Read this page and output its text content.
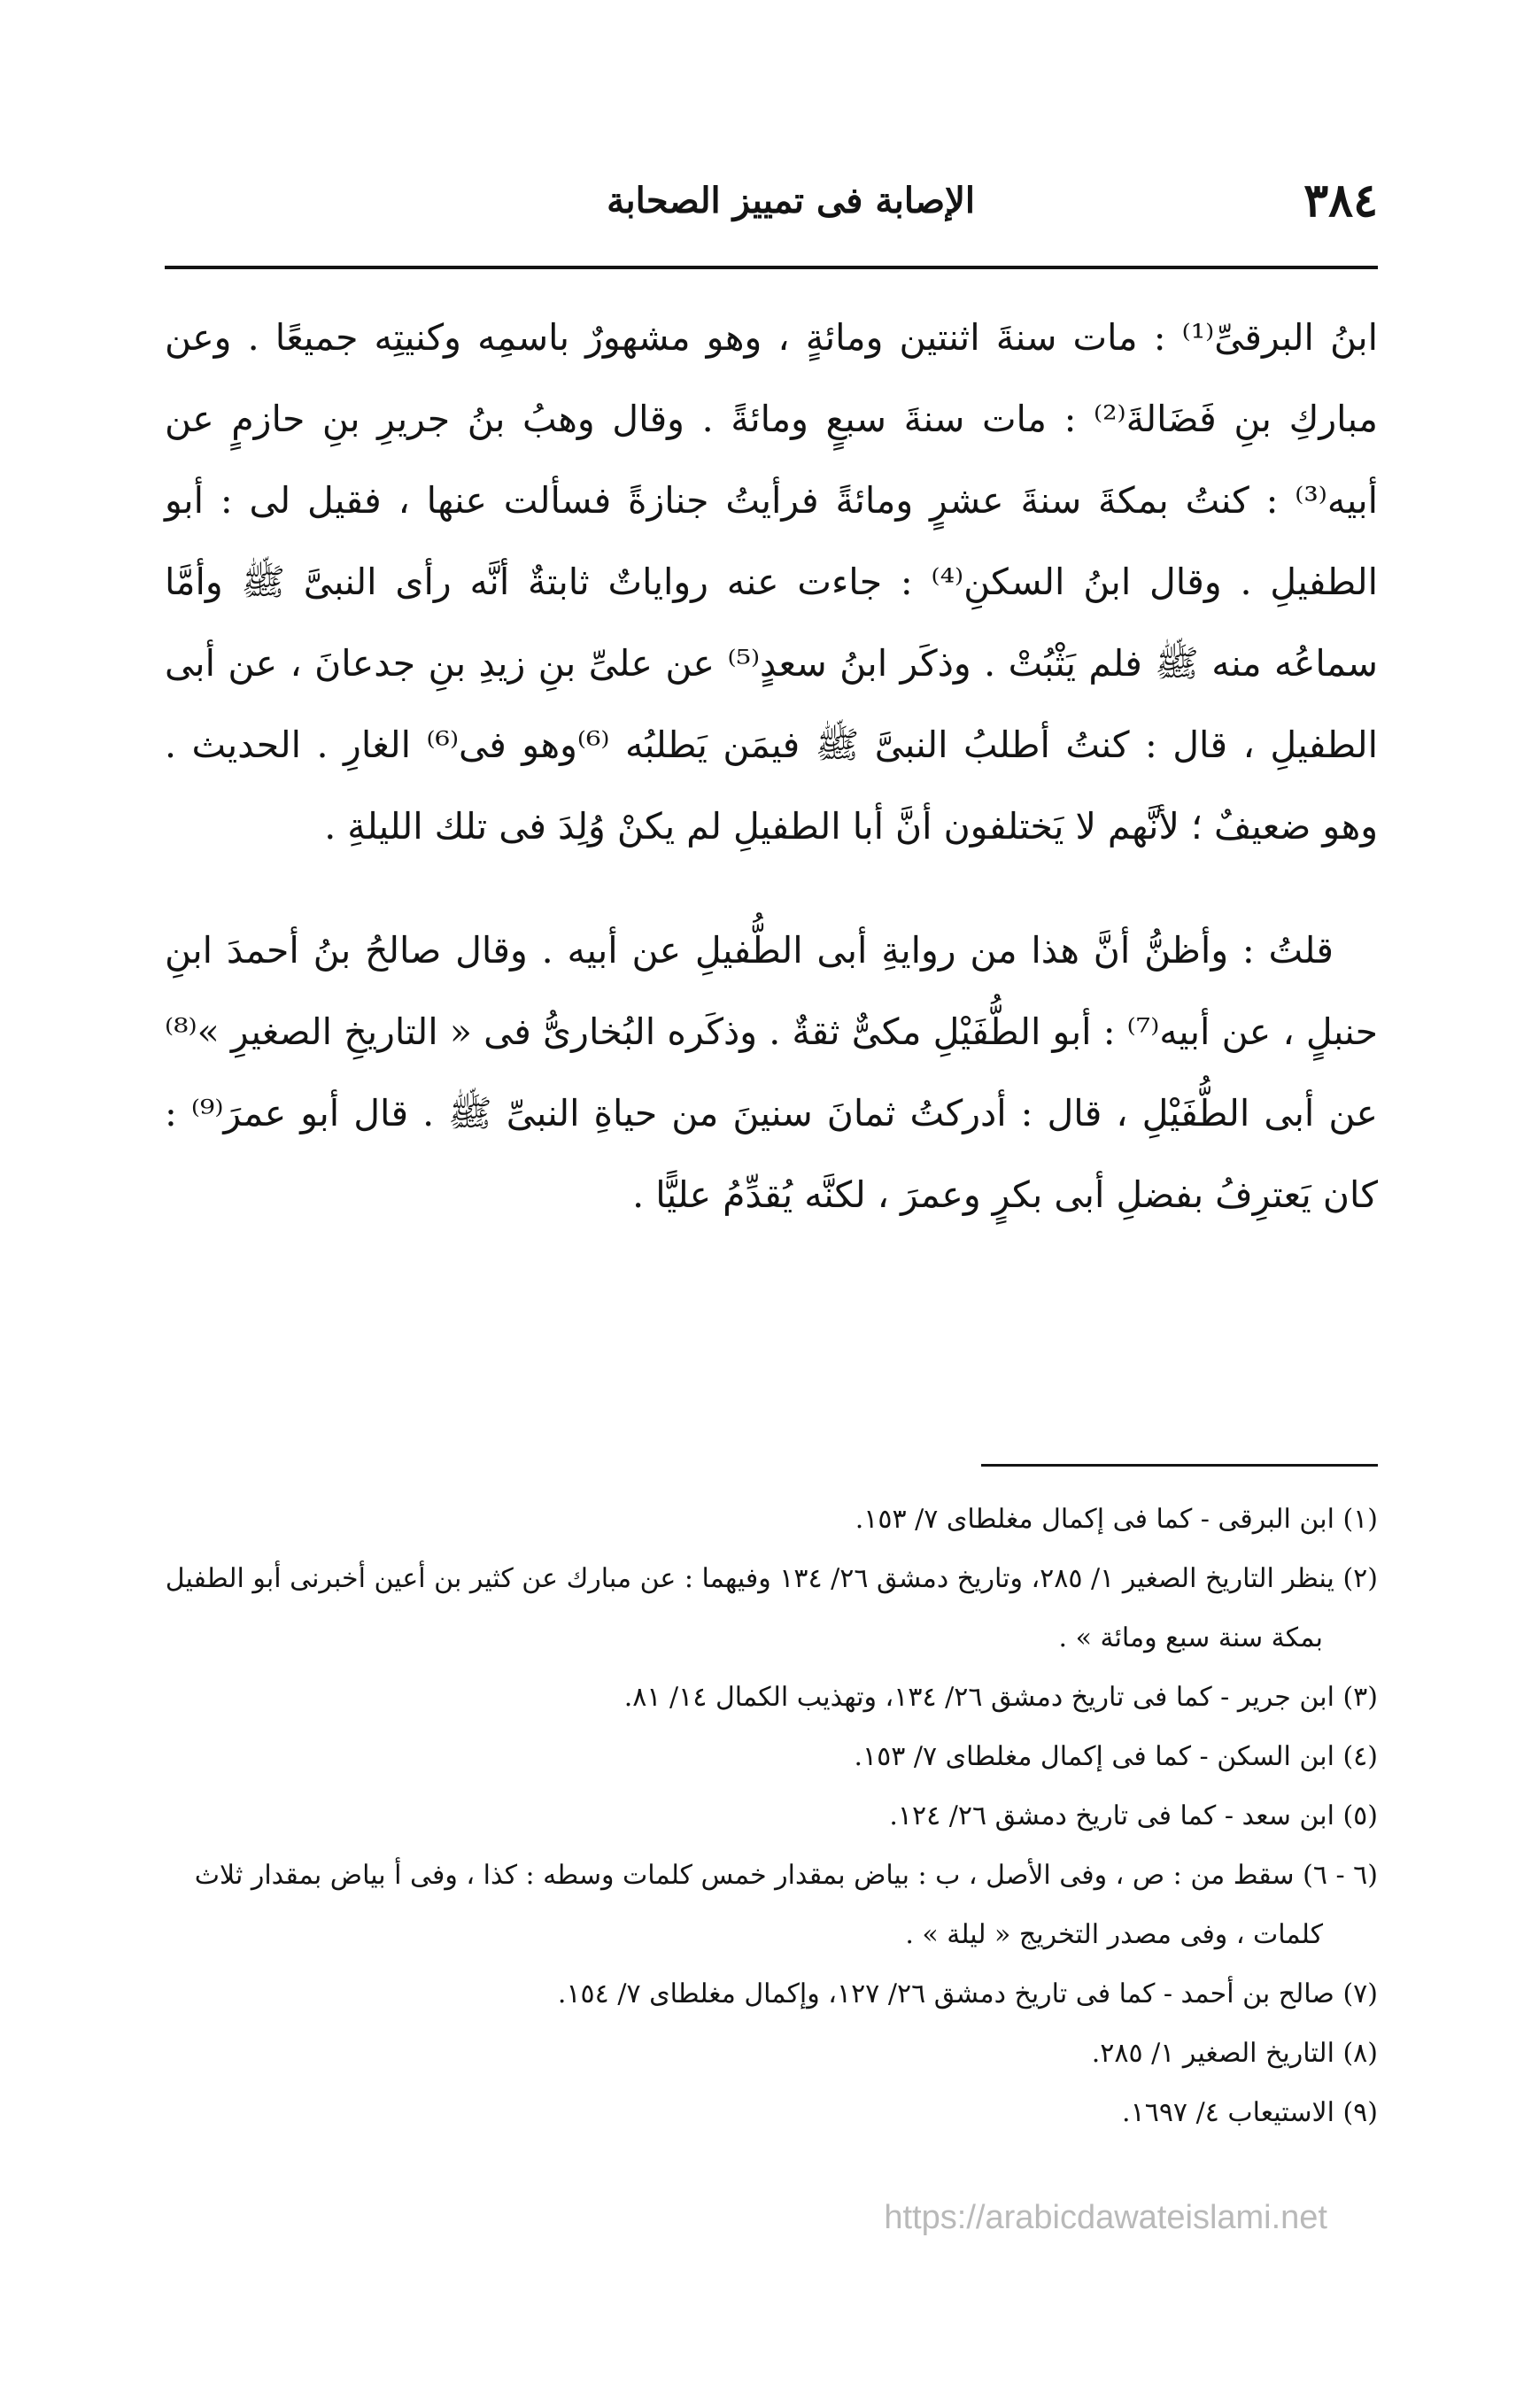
٣٨٤
الإصابة فى تمييز الصحابة

ابنُ البرقىِّ⁽¹⁾ : مات سنةَ اثنتين ومائةٍ ، وهو مشهورٌ باسمِه وكنيتِه جميعًا . وعن مباركِ بنِ فَضَالةَ⁽²⁾ : مات سنةَ سبعٍ ومائةً . وقال وهبُ بنُ جريرِ بنِ حازمٍ عن أبيه⁽³⁾ : كنتُ بمكةَ سنةَ عشرٍ ومائةً فرأيتُ جنازةً فسألت عنها ، فقيل لى : أبو الطفيلِ . وقال ابنُ السكنِ⁽⁴⁾ : جاءت عنه رواياتٌ ثابتةٌ أنَّه رأى النبىَّ ﷺ وأمَّا سماعُه منه ﷺ فلم يَثْبُتْ . وذكَر ابنُ سعدٍ⁽⁵⁾ عن علىِّ بنِ زيدِ بنِ جدعانَ ، عن أبى الطفيلِ ، قال : كنتُ أطلبُ النبىَّ ﷺ فيمَن يَطلبُه ⁽⁶⁾وهو فى⁽⁶⁾ الغارِ . الحديث . وهو ضعيفٌ ؛ لأنَّهم لا يَختلفون أنَّ أبا الطفيلِ لم يكنْ وُلِدَ فى تلك الليلةِ .

قلتُ : وأظنُّ أنَّ هذا من روايةِ أبى الطُّفيلِ عن أبيه . وقال صالحُ بنُ أحمدَ ابنِ حنبلٍ ، عن أبيه⁽⁷⁾ : أبو الطُّفَيْلِ مكىٌّ ثقةٌ . وذكَره البُخارىُّ فى « التاريخِ الصغيرِ »⁽⁸⁾ عن أبى الطُّفَيْلِ ، قال : أدركتُ ثمانَ سنينَ من حياةِ النبىِّ ﷺ . قال أبو عمرَ⁽⁹⁾ : كان يَعترِفُ بفضلِ أبى بكرٍ وعمرَ ، لكنَّه يُقدِّمُ عليًّا .

(١) ابن البرقى - كما فى إكمال مغلطاى ٧/ ١٥٣.

(٢) ينظر التاريخ الصغير ١/ ٢٨٥، وتاريخ دمشق ٢٦/ ١٣٤ وفيهما : عن مبارك عن كثير بن أعين أخبرنى أبو الطفيل بمكة سنة سبع ومائة » .

(٣) ابن جرير - كما فى تاريخ دمشق ٢٦/ ١٣٤، وتهذيب الكمال ١٤/ ٨١.

(٤) ابن السكن - كما فى إكمال مغلطاى ٧/ ١٥٣.

(٥) ابن سعد - كما فى تاريخ دمشق ٢٦/ ١٢٤.

(٦ - ٦) سقط من : ص ، وفى الأصل ، ب : بياض بمقدار خمس كلمات وسطه : كذا ، وفى أ بياض بمقدار ثلاث كلمات ، وفى مصدر التخريج « ليلة » .

(٧) صالح بن أحمد - كما فى تاريخ دمشق ٢٦/ ١٢٧، وإكمال مغلطاى ٧/ ١٥٤.

(٨) التاريخ الصغير ١/ ٢٨٥.

(٩) الاستيعاب ٤/ ١٦٩٧.

https://arabicdawateislami.net
